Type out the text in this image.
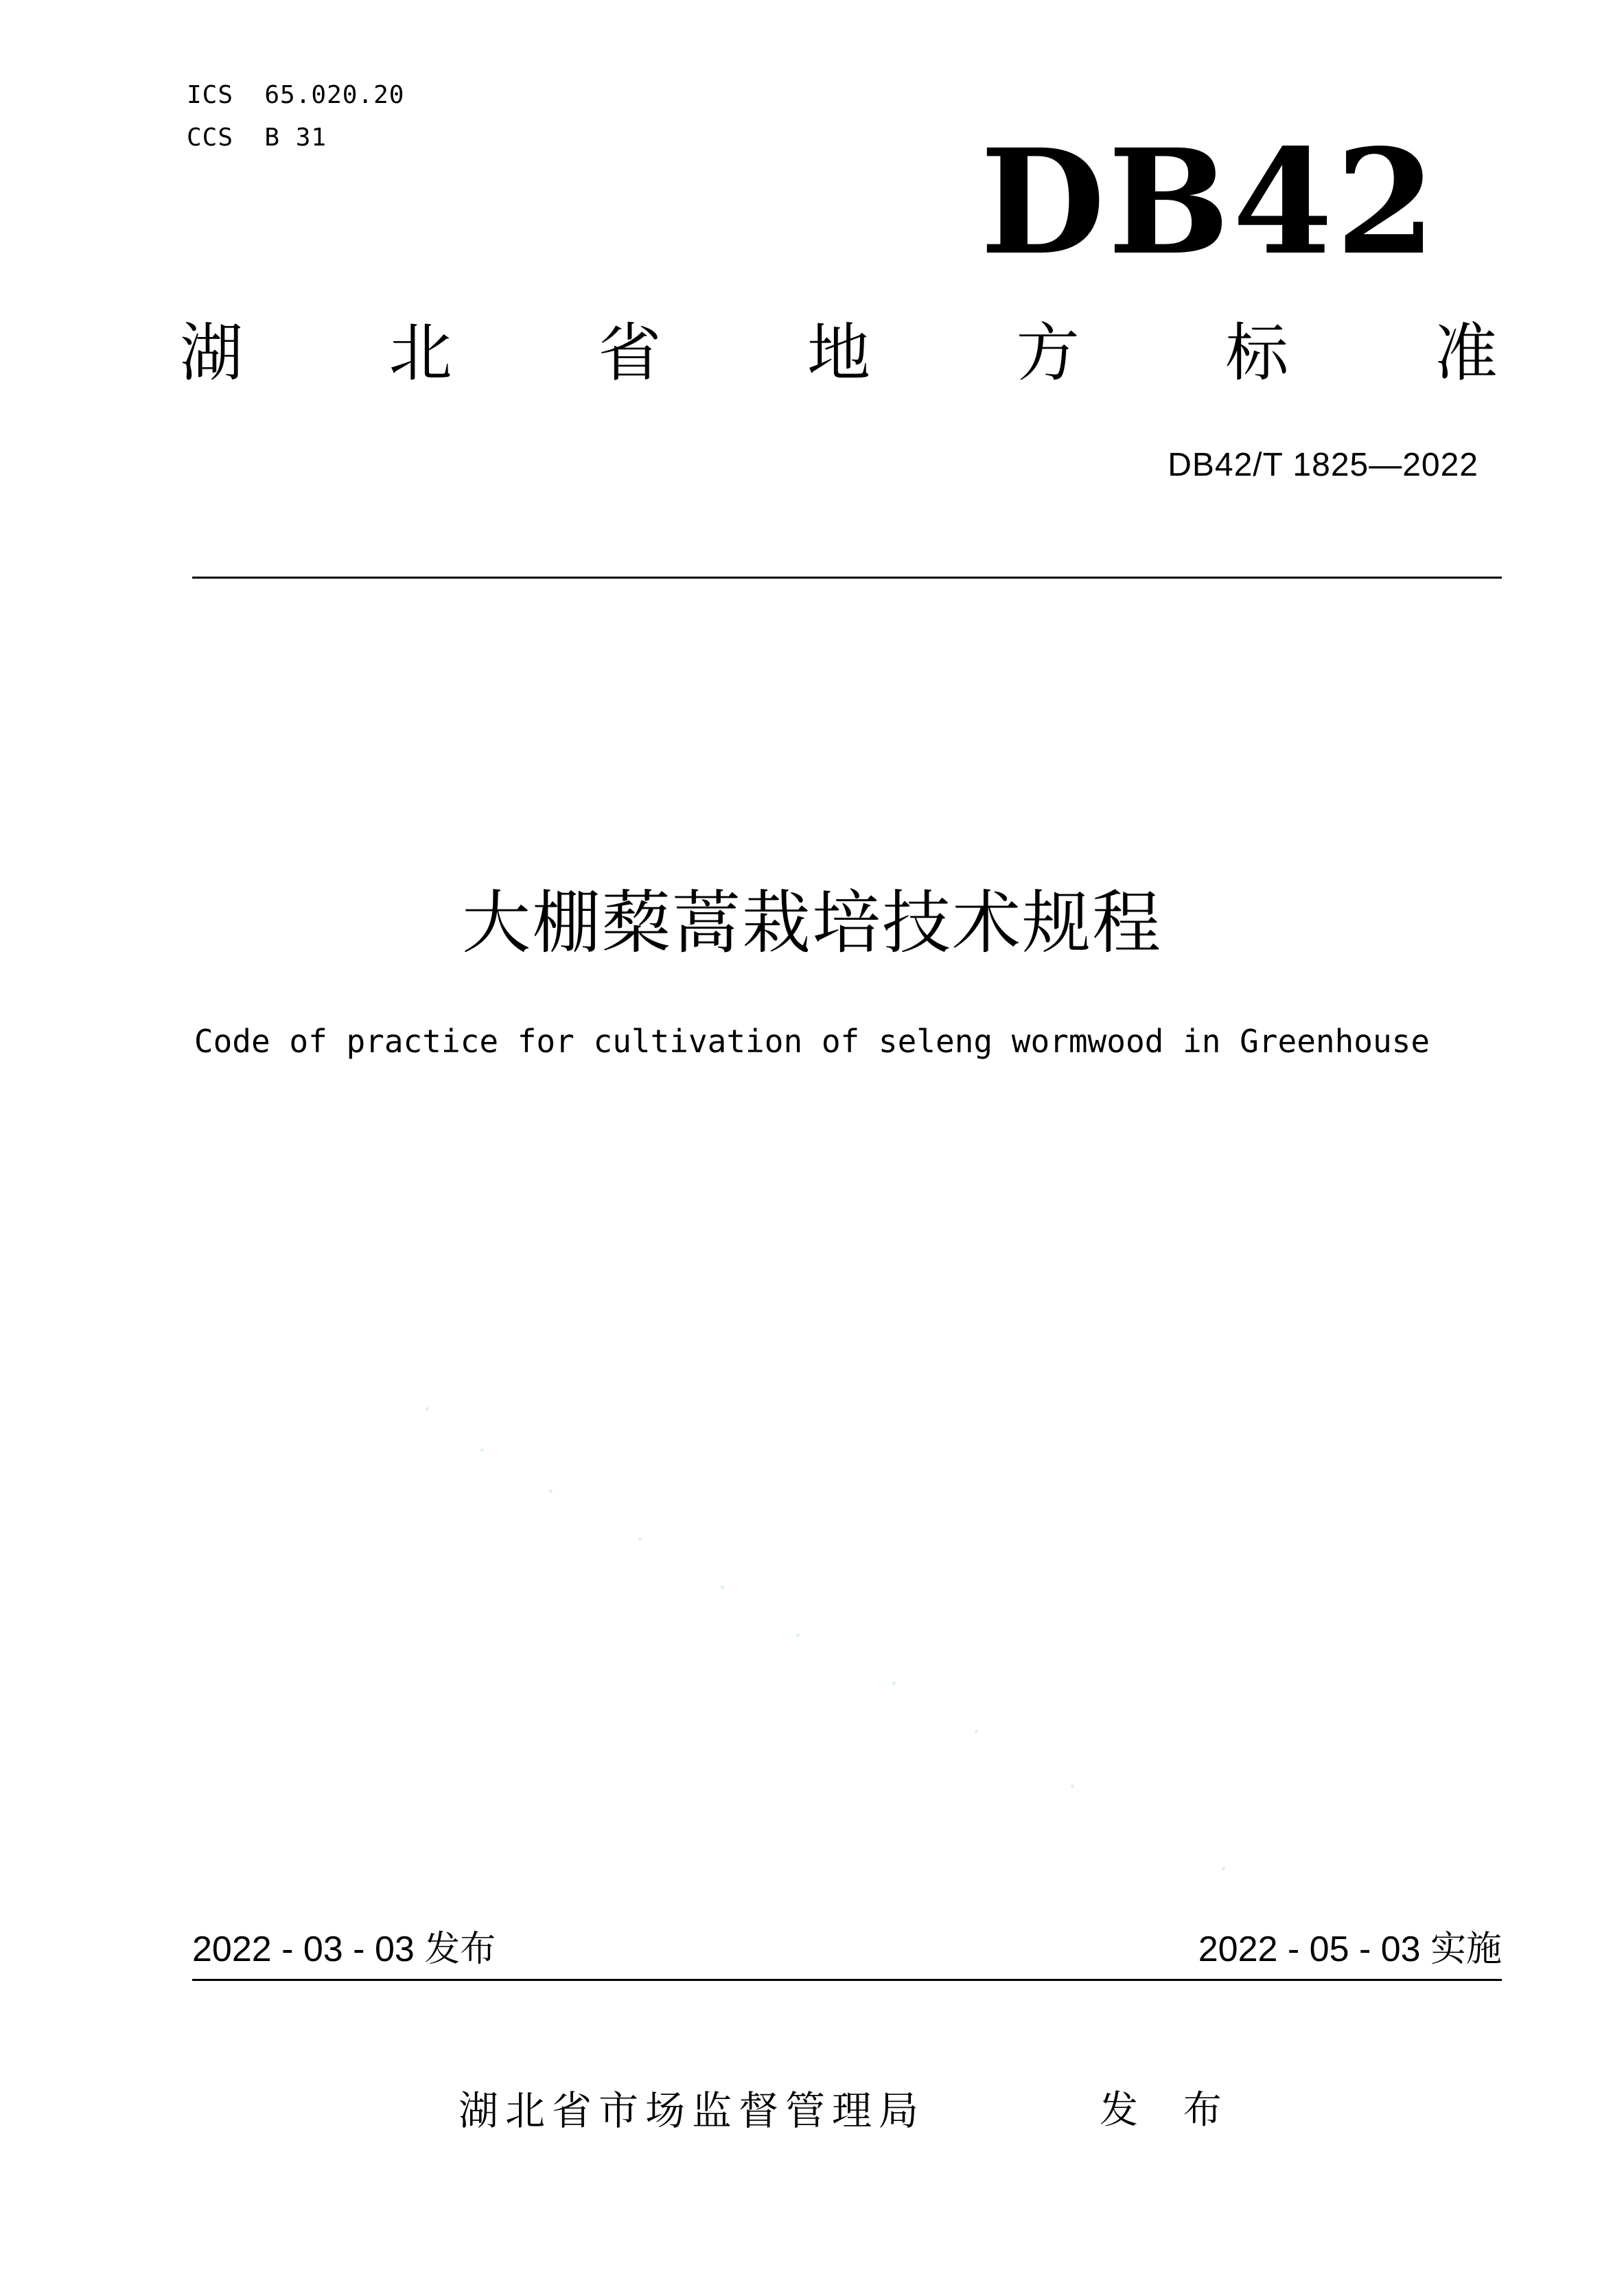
ICS  65.020.20
CCS  B 31	DB42
湖 北 省 地 方 标 准
DB42/T 1825—2022
大棚蔾蒿栽培技术规程
Code of practice for cultivation of seleng wormwood in Greenhouse
2022 - 03 - 03 发布	2022 - 05 - 03 实施
湖北省市场监督管理局	发 布
